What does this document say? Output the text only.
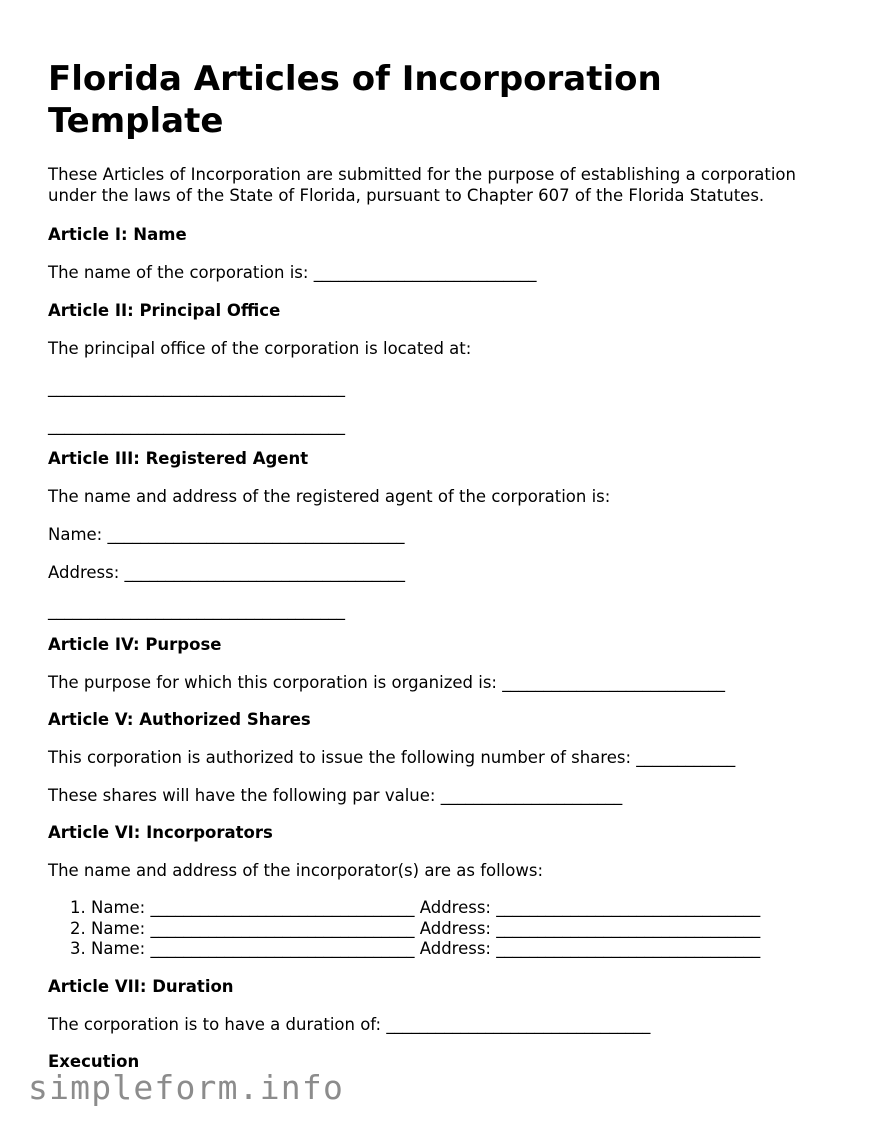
Florida Articles of Incorporation Template

These Articles of Incorporation are submitted for the purpose of establishing a corporation under the laws of the State of Florida, pursuant to Chapter 607 of the Florida Statutes.

Article I: Name

The name of the corporation is: ___________________________

Article II: Principal Office

The principal office of the corporation is located at:

____________________________________

____________________________________

Article III: Registered Agent

The name and address of the registered agent of the corporation is:

Name: ____________________________________

Address: __________________________________

____________________________________

Article IV: Purpose

The purpose for which this corporation is organized is: ___________________________

Article V: Authorized Shares

This corporation is authorized to issue the following number of shares: ____________

These shares will have the following par value: ______________________

Article VI: Incorporators

The name and address of the incorporator(s) are as follows:

1. Name: ________________________________ Address: ________________________________
2. Name: ________________________________ Address: ________________________________
3. Name: ________________________________ Address: ________________________________

Article VII: Duration

The corporation is to have a duration of: ________________________________

Execution

simpleform.info
